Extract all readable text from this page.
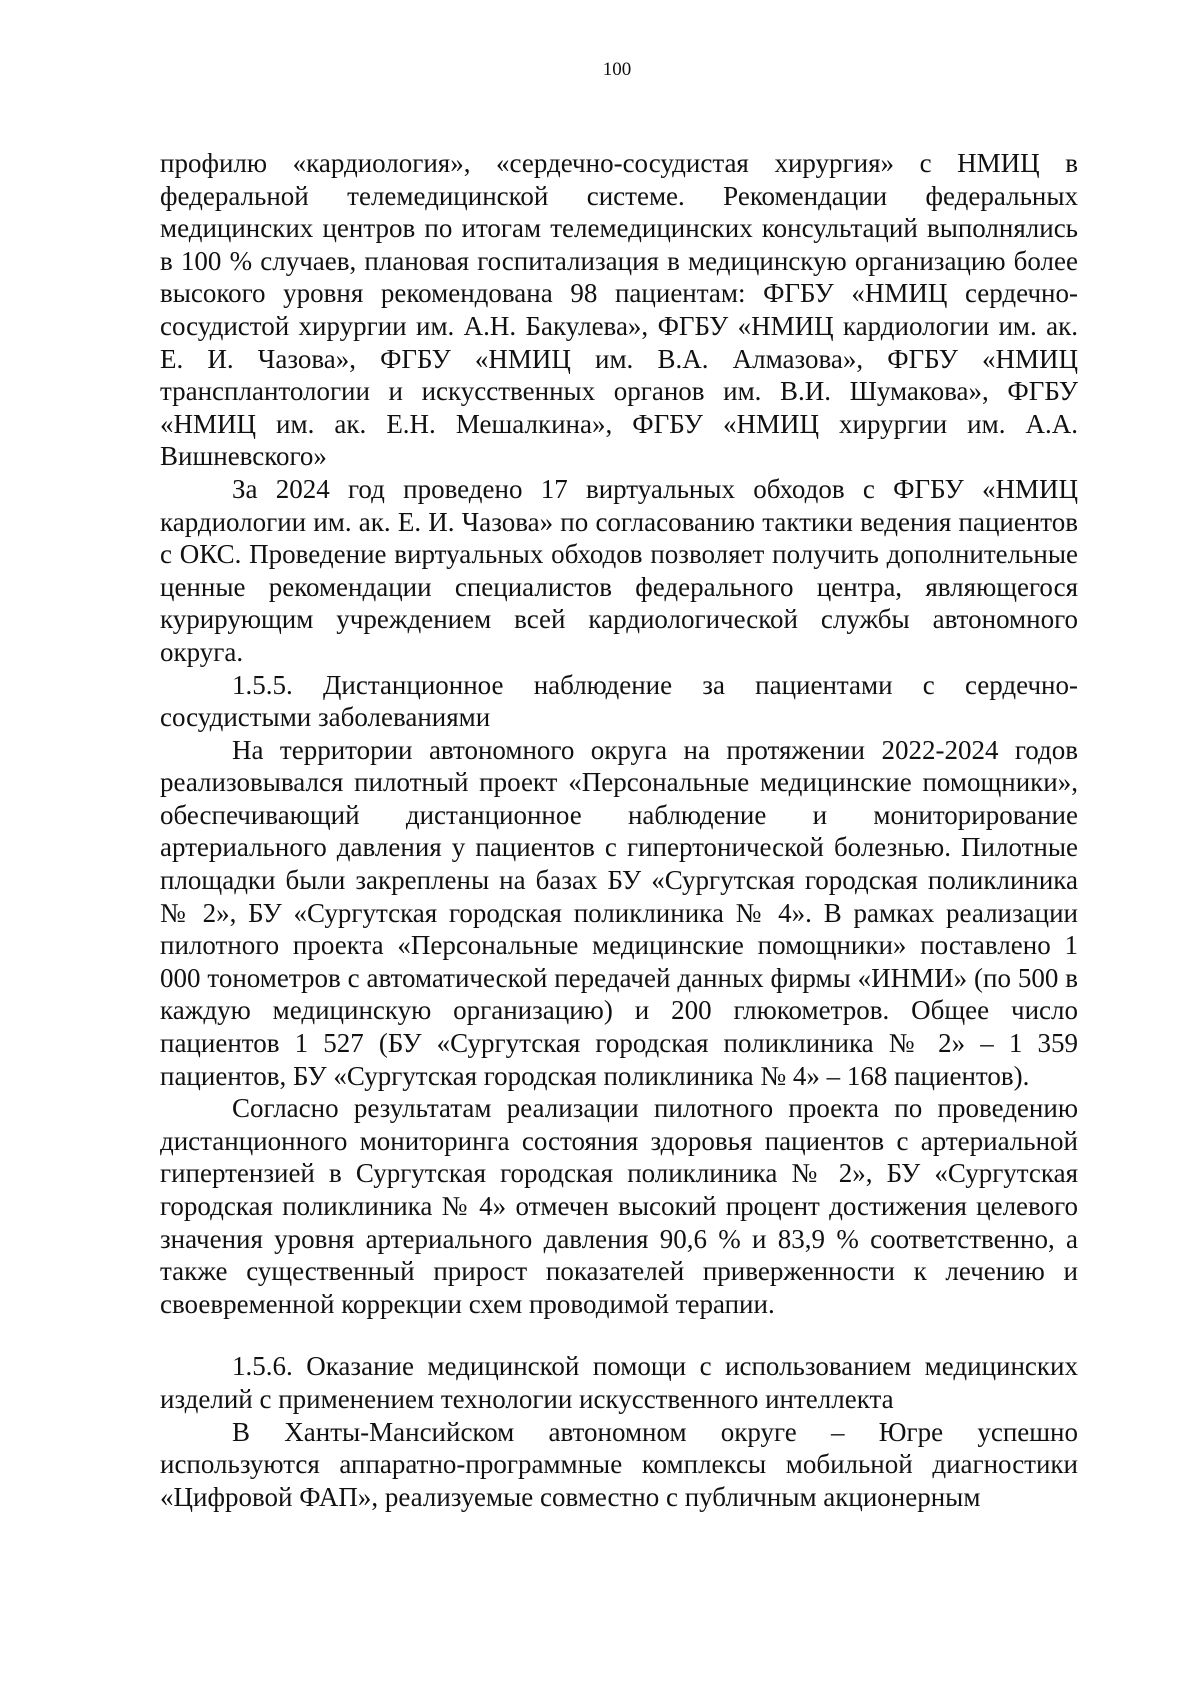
100

профилю «кардиология», «сердечно-сосудистая хирургия» с НМИЦ в федеральной телемедицинской системе. Рекомендации федеральных медицинских центров по итогам телемедицинских консультаций выполнялись в 100 % случаев, плановая госпитализация в медицинскую организацию более высокого уровня рекомендована 98 пациентам: ФГБУ «НМИЦ сердечно-сосудистой хирургии им. А.Н. Бакулева», ФГБУ «НМИЦ кардиологии им. ак. Е. И. Чазова», ФГБУ «НМИЦ им. В.А. Алмазова», ФГБУ «НМИЦ трансплантологии и искусственных органов им. В.И. Шумакова», ФГБУ «НМИЦ им. ак. Е.Н. Мешалкина», ФГБУ «НМИЦ хирургии им. А.А. Вишневского»

За 2024 год проведено 17 виртуальных обходов с ФГБУ «НМИЦ кардиологии им. ак. Е. И. Чазова» по согласованию тактики ведения пациентов с ОКС. Проведение виртуальных обходов позволяет получить дополнительные ценные рекомендации специалистов федерального центра, являющегося курирующим учреждением всей кардиологической службы автономного округа.

1.5.5. Дистанционное наблюдение за пациентами с сердечно-сосудистыми заболеваниями

На территории автономного округа на протяжении 2022-2024 годов реализовывался пилотный проект «Персональные медицинские помощники», обеспечивающий дистанционное наблюдение и мониторирование артериального давления у пациентов с гипертонической болезнью. Пилотные площадки были закреплены на базах БУ «Сургутская городская поликлиника № 2», БУ «Сургутская городская поликлиника № 4». В рамках реализации пилотного проекта «Персональные медицинские помощники» поставлено 1 000 тонометров с автоматической передачей данных фирмы «ИНМИ» (по 500 в каждую медицинскую организацию) и 200 глюкометров. Общее число пациентов 1 527 (БУ «Сургутская городская поликлиника № 2» – 1 359 пациентов, БУ «Сургутская городская поликлиника № 4» – 168 пациентов).

Согласно результатам реализации пилотного проекта по проведению дистанционного мониторинга состояния здоровья пациентов с артериальной гипертензией в Сургутская городская поликлиника № 2», БУ «Сургутская городская поликлиника № 4» отмечен высокий процент достижения целевого значения уровня артериального давления 90,6 % и 83,9 % соответственно, а также существенный прирост показателей приверженности к лечению и своевременной коррекции схем проводимой терапии.

1.5.6. Оказание медицинской помощи с использованием медицинских изделий с применением технологии искусственного интеллекта

В Ханты-Мансийском автономном округе – Югре успешно используются аппаратно-программные комплексы мобильной диагностики «Цифровой ФАП», реализуемые совместно с публичным акционерным
